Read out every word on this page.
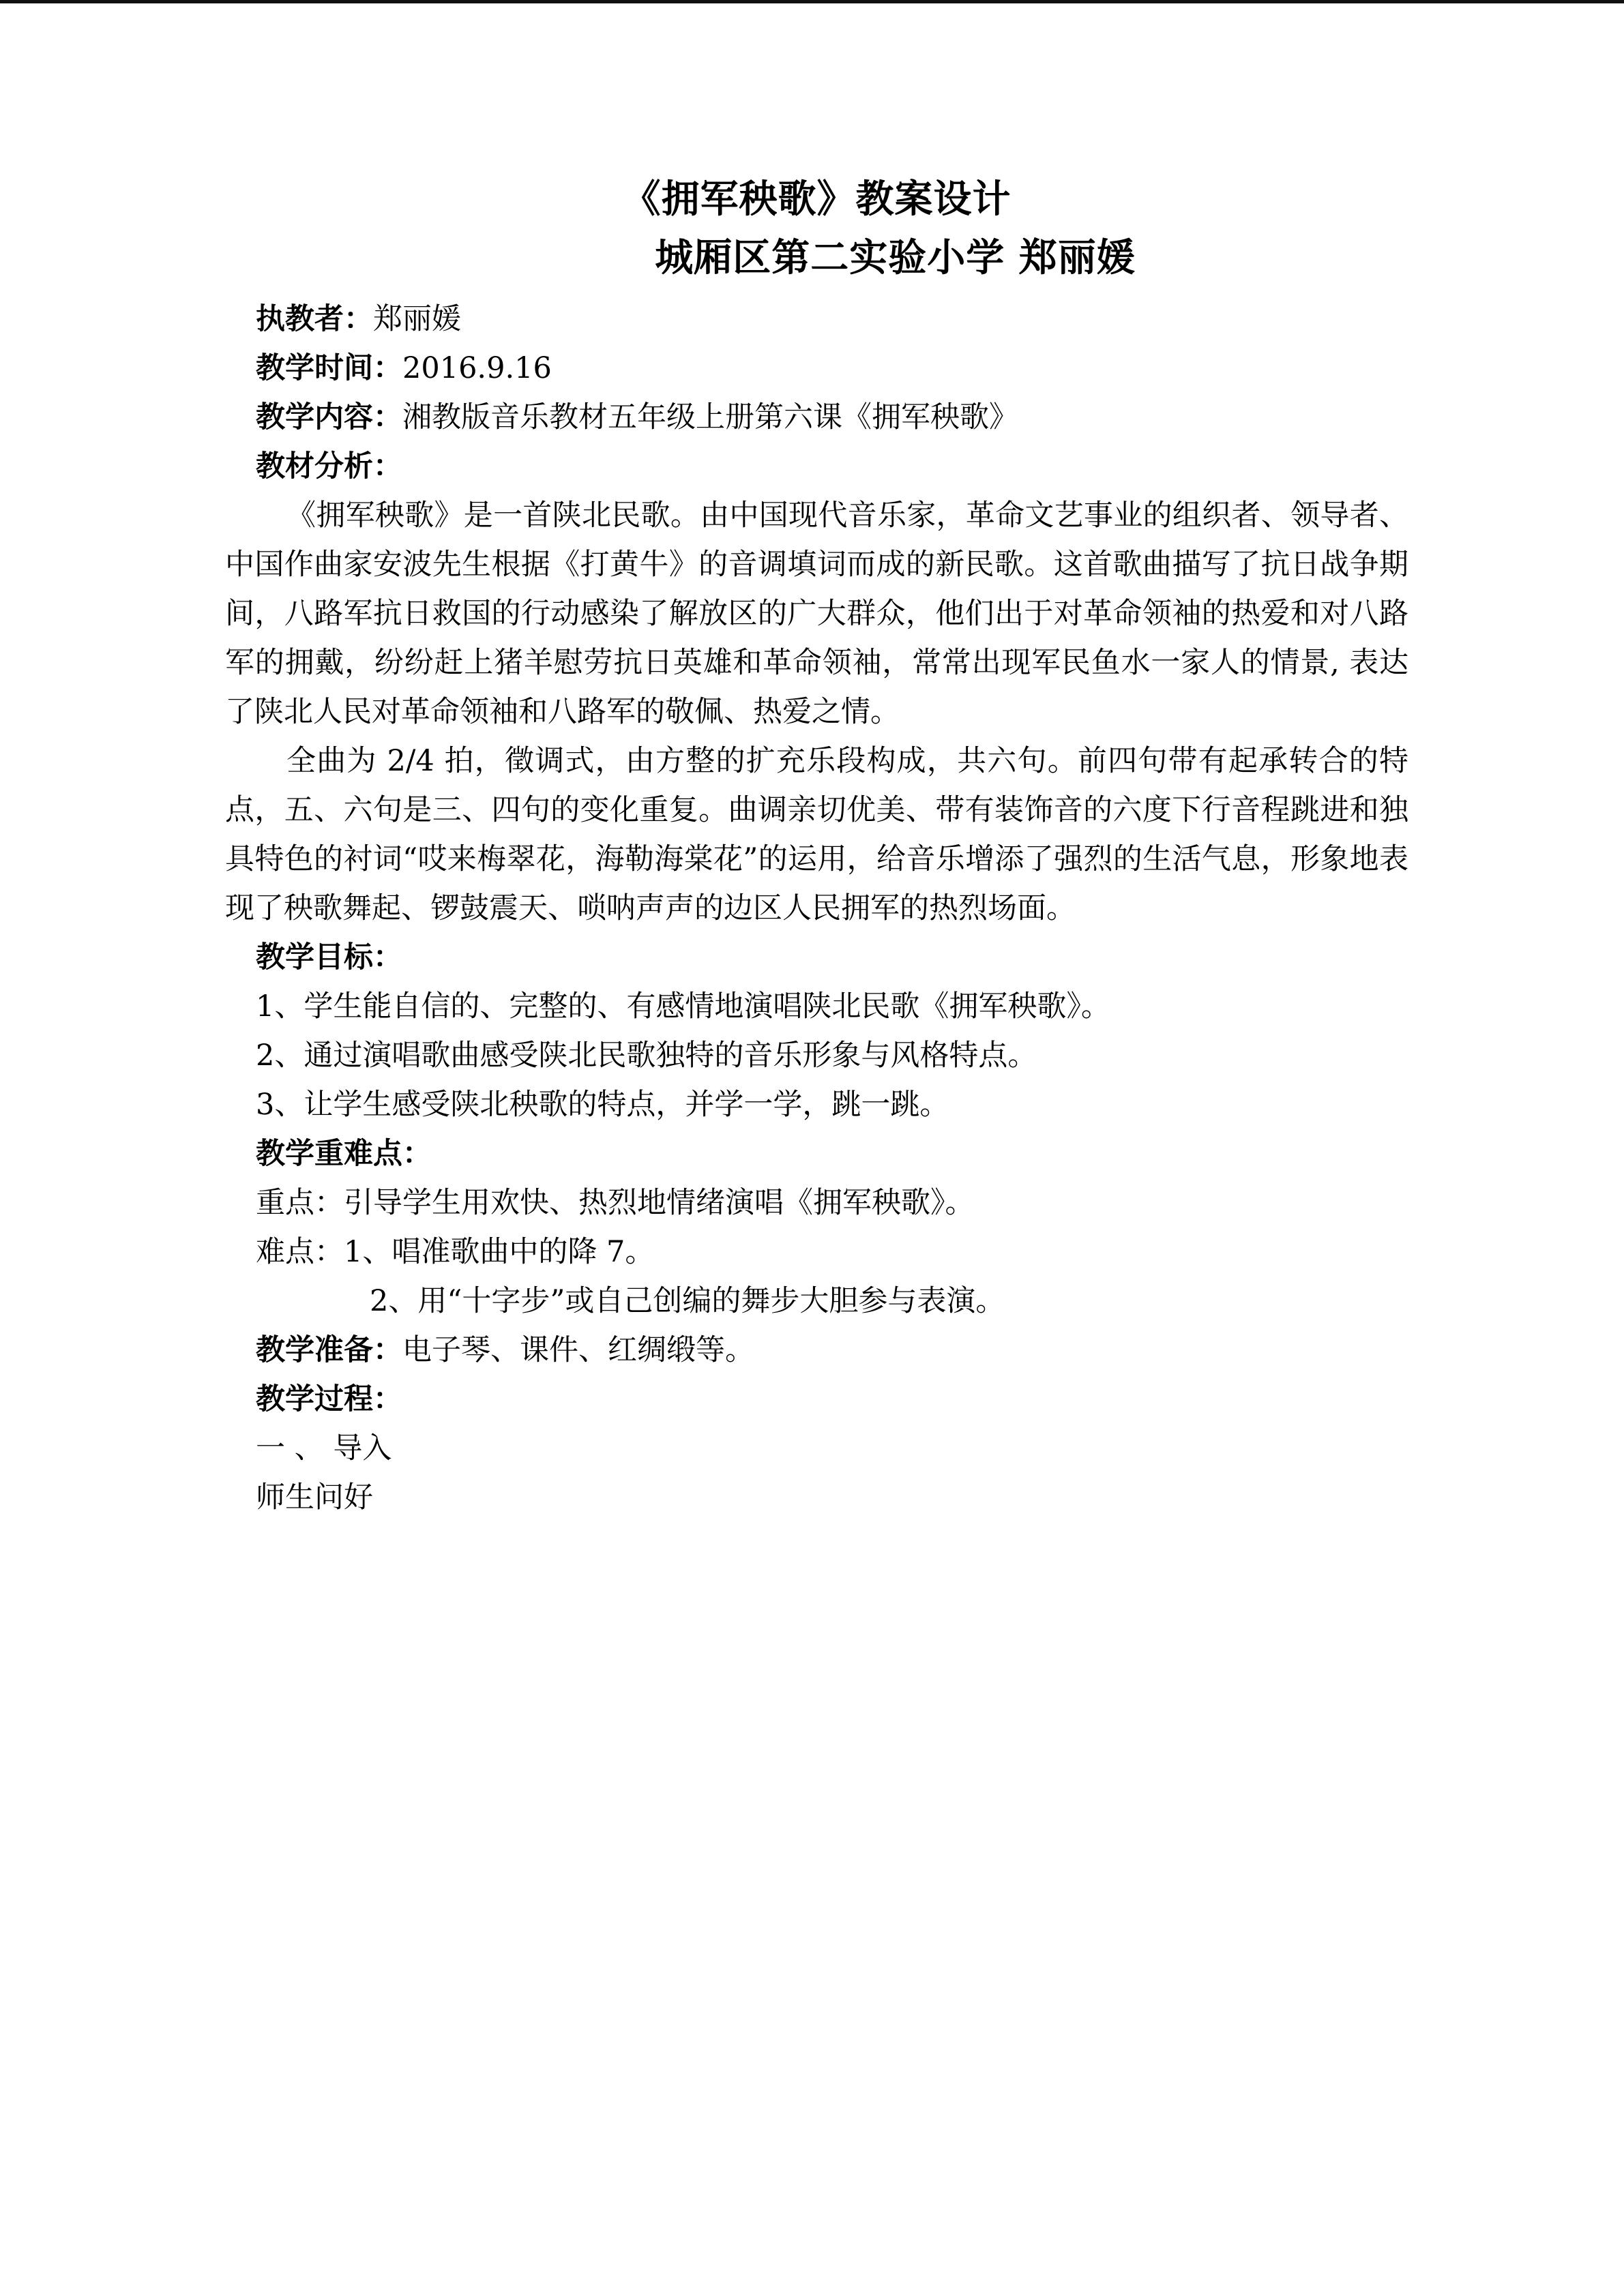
《拥军秧歌》教案设计
城厢区第二实验小学 郑丽媛
执教者：郑丽媛
教学时间：2016.9.16
教学内容：湘教版音乐教材五年级上册第六课《拥军秧歌》
教材分析：

《拥军秧歌》是一首陕北民歌。由中国现代音乐家，革命文艺事业的组织者、领导者、中国作曲家安波先生根据《打黄牛》的音调填词而成的新民歌。这首歌曲描写了抗日战争期间，八路军抗日救国的行动感染了解放区的广大群众，他们出于对革命领袖的热爱和对八路军的拥戴，纷纷赶上猪羊慰劳抗日英雄和革命领袖，常常出现军民鱼水一家人的情景, 表达了陕北人民对革命领袖和八路军的敬佩、热爱之情。

全曲为 2/4 拍，徵调式，由方整的扩充乐段构成，共六句。前四句带有起承转合的特点，五、六句是三、四句的变化重复。曲调亲切优美、带有装饰音的六度下行音程跳进和独具特色的衬词“哎来梅翠花，海勒海棠花”的运用，给音乐增添了强烈的生活气息，形象地表现了秧歌舞起、锣鼓震天、唢呐声声的边区人民拥军的热烈场面。

教学目标：
1、学生能自信的、完整的、有感情地演唱陕北民歌《拥军秧歌》。
2、通过演唱歌曲感受陕北民歌独特的音乐形象与风格特点。
3、让学生感受陕北秧歌的特点，并学一学，跳一跳。
教学重难点：
重点：引导学生用欢快、热烈地情绪演唱《拥军秧歌》。
难点：1、唱准歌曲中的降 7。
2、用“十字步”或自己创编的舞步大胆参与表演。
教学准备：电子琴、课件、红绸缎等。
教学过程：
一 、 导入
师生问好
